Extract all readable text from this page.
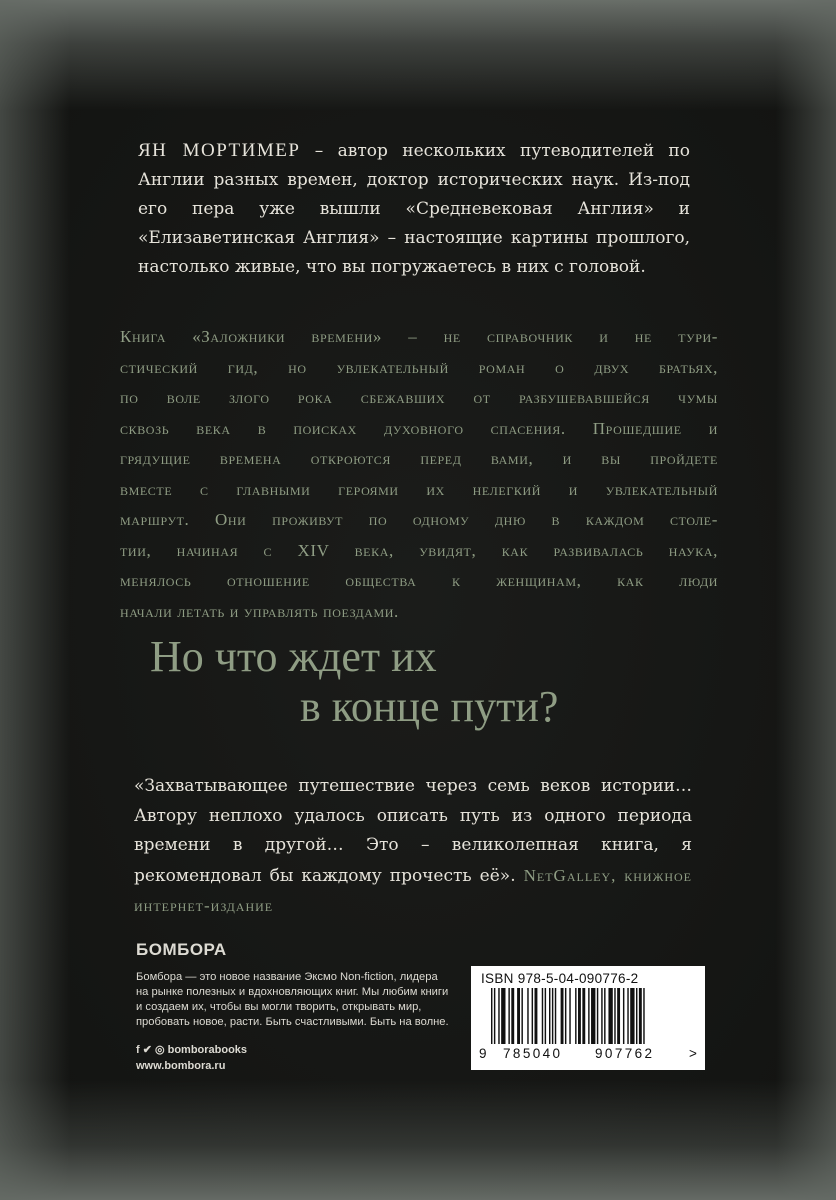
ЯН МОРТИМЕР – автор нескольких путеводителей по Англии разных времен, доктор исторических наук. Из-под его пера уже вышли «Средневековая Англия» и «Елизаветинская Англия» – настоящие картины прошлого, настолько живые, что вы погружаетесь в них с головой.
Книга «Заложники времени» – не справочник и не тури-
стический гид, но увлекательный роман о двух братьях,
по воле злого рока сбежавших от разбушевавшейся чумы
сквозь века в поисках духовного спасения. Прошедшие и
грядущие времена откроются перед вами, и вы пройдете
вместе с главными героями их нелегкий и увлекательный
маршрут. Они проживут по одному дню в каждом столе-
тии, начиная с XIV века, увидят, как развивалась наука,
менялось отношение общества к женщинам, как люди
начали летать и управлять поездами.
Но что ждет их
в конце пути?
«Захватывающее путешествие через семь веков истории… Автору неплохо удалось описать путь из одного периода времени в другой… Это – великолепная книга, я рекомендовал бы каждому прочесть её». NetGalley, книжное интернет-издание
БОМБОРА
Бомбора — это новое название Эксмо Non-fiction, лидера на рынке полезных и вдохновляющих книг. Мы любим книги и создаем их, чтобы вы могли творить, открывать мир, пробовать новое, расти. Быть счастливыми. Быть на волне.
f ✔ ◎ bomborabooks
www.bombora.ru
ISBN 978-5-04-090776-2
9 785040 907762	>
